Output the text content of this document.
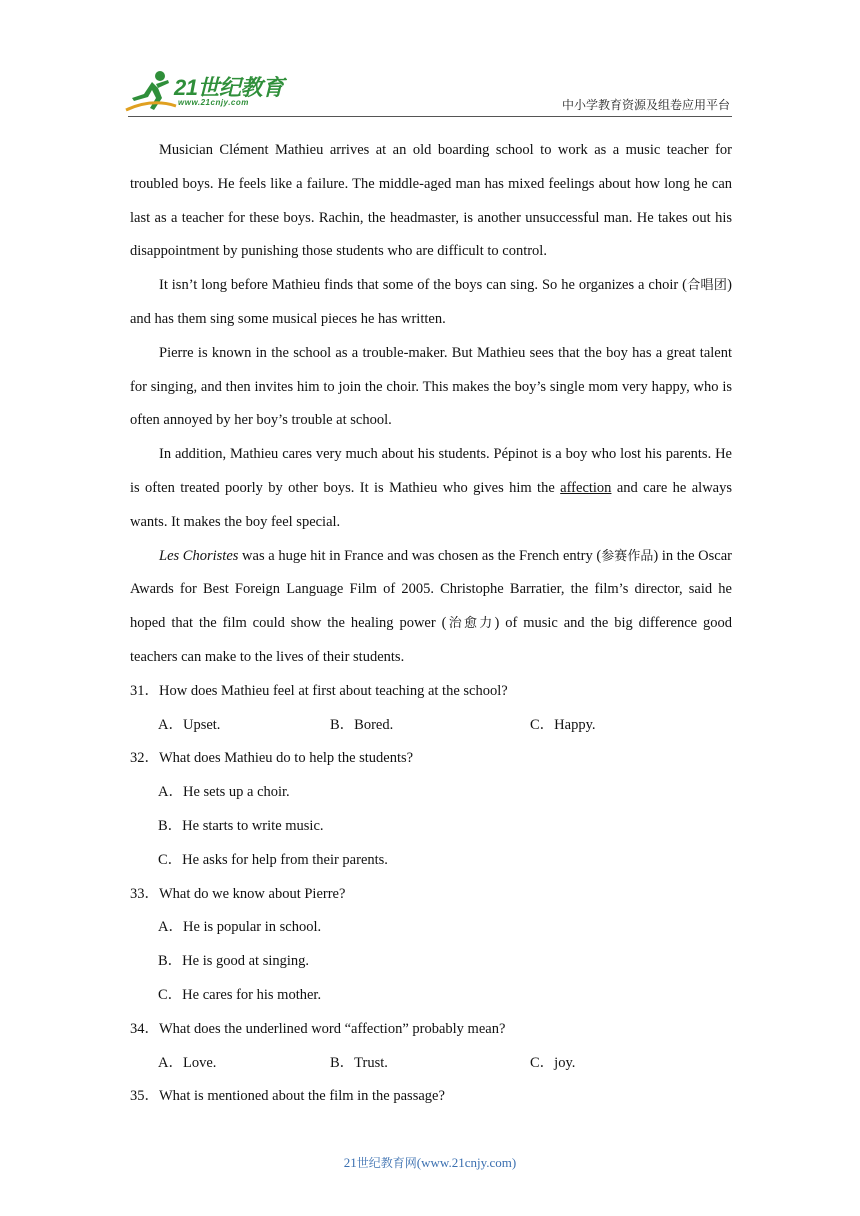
21世纪教育
www.21cnjy.com	中小学教育资源及组卷应用平台

Musician Clément Mathieu arrives at an old boarding school to work as a music teacher for troubled boys. He feels like a failure. The middle-aged man has mixed feelings about how long he can last as a teacher for these boys. Rachin, the headmaster, is another unsuccessful man. He takes out his disappointment by punishing those students who are difficult to control.

It isn’t long before Mathieu finds that some of the boys can sing. So he organizes a choir (合唱团) and has them sing some musical pieces he has written.

Pierre is known in the school as a trouble-maker. But Mathieu sees that the boy has a great talent for singing, and then invites him to join the choir. This makes the boy’s single mom very happy, who is often annoyed by her boy’s trouble at school.

In addition, Mathieu cares very much about his students. Pépinot is a boy who lost his parents. He is often treated poorly by other boys. It is Mathieu who gives him the affection and care he always wants. It makes the boy feel special.

Les Choristes was a huge hit in France and was chosen as the French entry (参赛作品) in the Oscar Awards for Best Foreign Language Film of 2005. Christophe Barratier, the film’s director, said he hoped that the film could show the healing power (治愈力) of music and the big difference good teachers can make to the lives of their students.

31．How does Mathieu feel at first about teaching at the school?

A．Upset.	B．Bored.	C．Happy.

32．What does Mathieu do to help the students?

A．He sets up a choir.

B．He starts to write music.

C．He asks for help from their parents.

33．What do we know about Pierre?

A．He is popular in school.

B．He is good at singing.

C．He cares for his mother.

34．What does the underlined word “affection” probably mean?

A．Love.	B．Trust.	C．joy.

35．What is mentioned about the film in the passage?

21世纪教育网(www.21cnjy.com)
